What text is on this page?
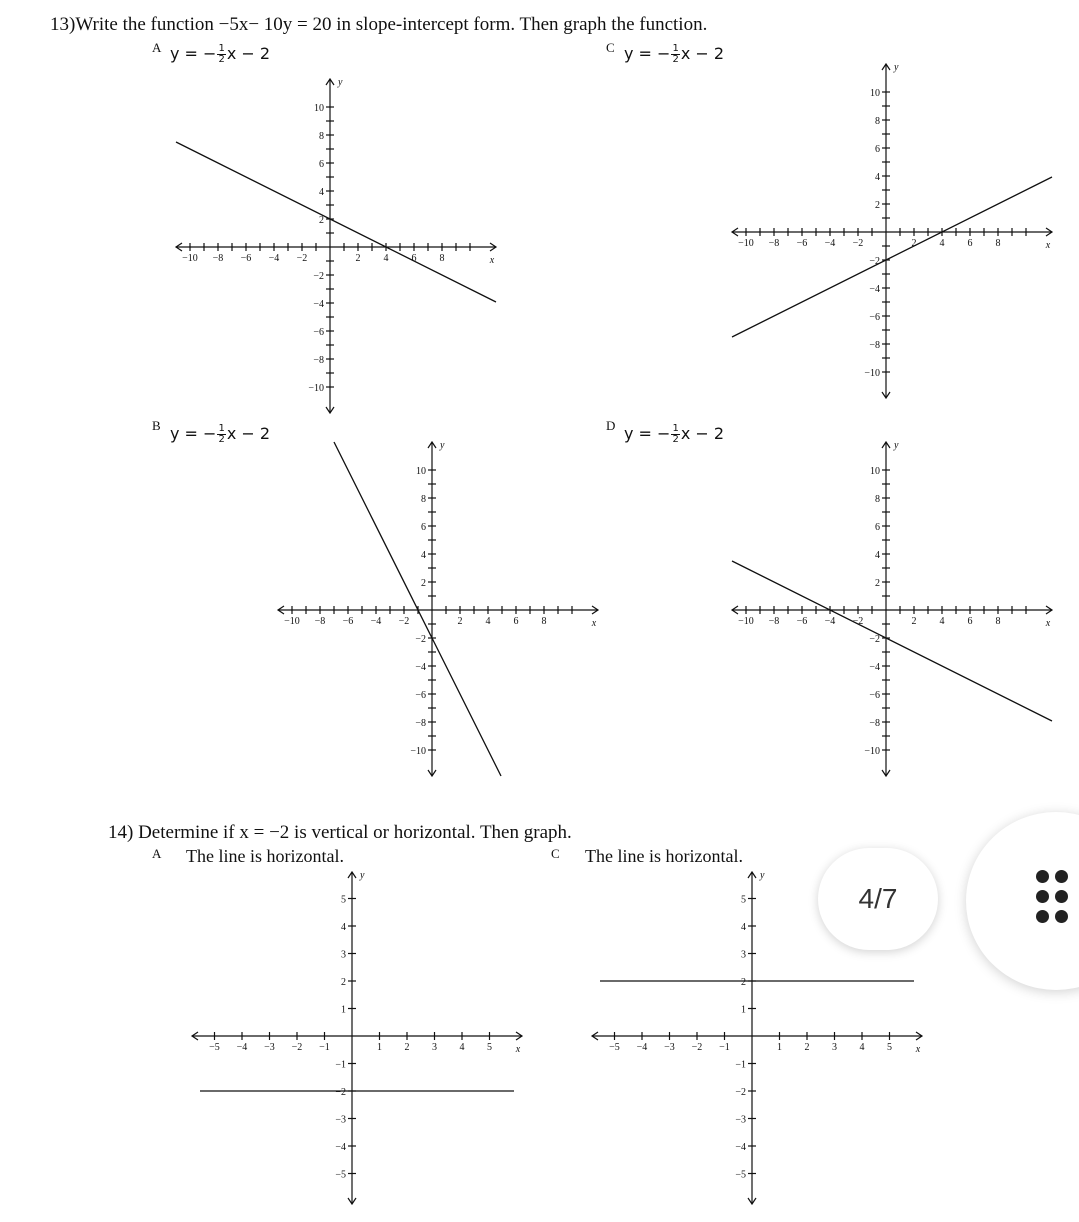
13)Write the function −5x− 10y = 20 in slope-intercept form. Then graph the function.
A y = − $\frac{1}{2}$ x − 2
−10 −8 −6 −4 −2	2 4 6 8
10
8
6
4
2
−2
−4
−6
−8
−10
x
y
C y = − $\frac{1}{2}$ x − 2
−10 −8 −6 −4 −2	2 4 6 8
10
8
6
4
2
−2
−4
−6
−8
−10
x
y
B y = − $\frac{1}{2}$ x − 2
−10 −8 −6 −4 −2	2 4 6 8
10
8
6
4
2
−2
−4
−6
−8
−10
x
y
D y = − $\frac{1}{2}$ x − 2
−10 −8 −6 −4 −2	2 4 6 8
10
8
6
4
2
−2
−4
−6
−8
−10
x
y
14) Determine if x = −2 is vertical or horizontal. Then graph.
A The line is horizontal.
−5 −4 −3 −2 −1	1 2 3 4 5
5
4
3
2
1
−1
−2
−3
−4
−5
x
y
C The line is horizontal.
−5 −4 −3 −2 −1	1 2 3 4 5
5
4
3
2
1
−1
−2
−3
−4
−5
x
y
4/7
